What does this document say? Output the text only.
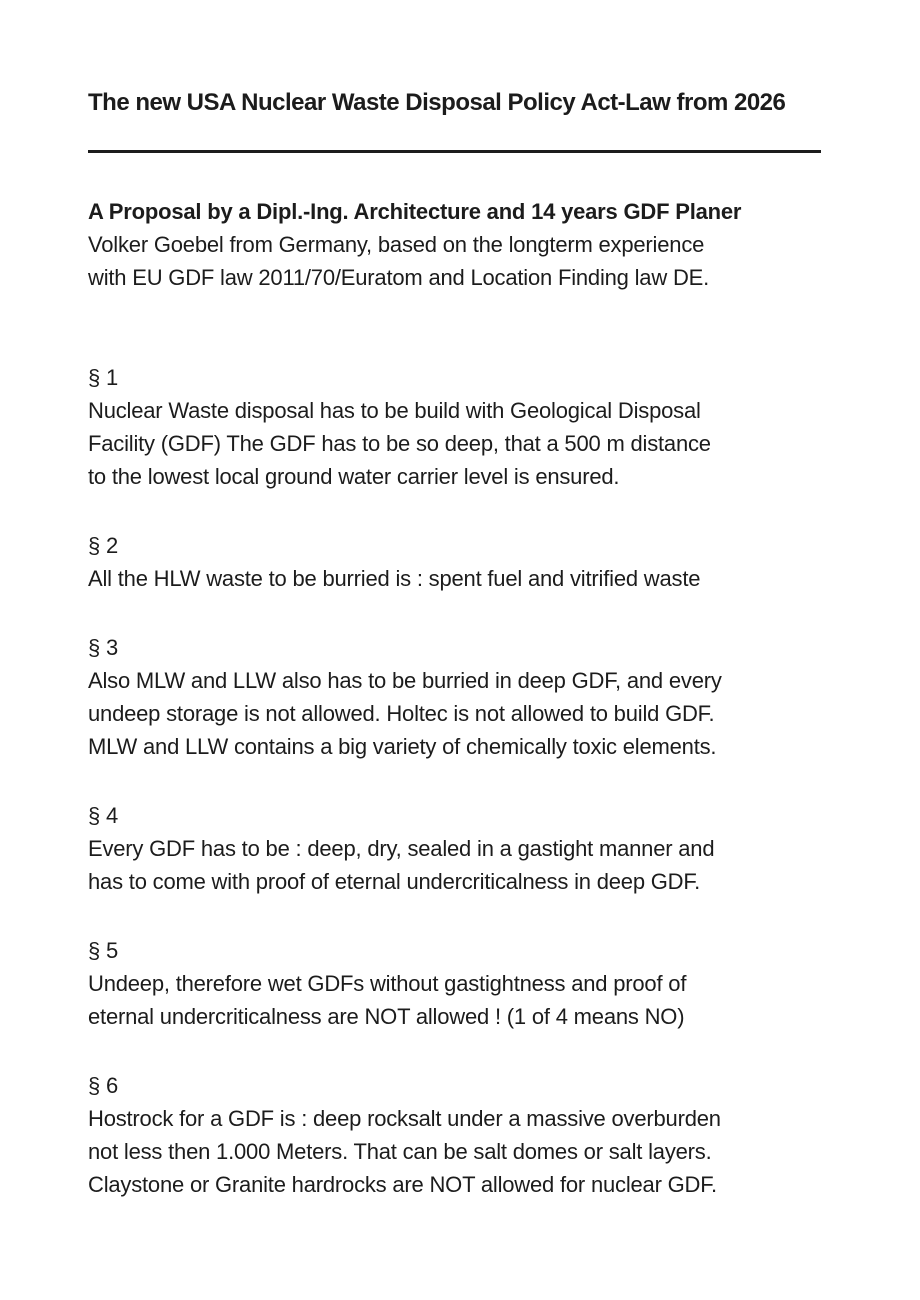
The new USA Nuclear Waste Disposal Policy Act-Law from 2026

A Proposal by a Dipl.-Ing. Architecture and 14 years GDF Planer

Volker Goebel from Germany, based on the longterm experience

with EU GDF law 2011/70/Euratom and Location Finding law DE.

§ 1

Nuclear Waste disposal has to be build with Geological Disposal

Facility (GDF) The GDF has to be so deep, that a 500 m distance

to the lowest local ground water carrier level is ensured.

§ 2

All the HLW waste to be burried is : spent fuel and vitrified waste

§ 3

Also MLW and LLW also has to be burried in deep GDF, and every

undeep storage is not allowed. Holtec is not allowed to build GDF.

MLW and LLW contains a big variety of chemically toxic elements.

§ 4

Every GDF has to be : deep, dry, sealed in a gastight manner and

has to come with proof of eternal undercriticalness in deep GDF.

§ 5

Undeep, therefore wet GDFs without gastightness and proof of

eternal undercriticalness are NOT allowed ! (1 of 4 means NO)

§ 6

Hostrock for a GDF is : deep rocksalt under a massive overburden

not less then 1.000 Meters. That can be salt domes or salt layers.

Claystone or Granite hardrocks are NOT allowed for nuclear GDF.
